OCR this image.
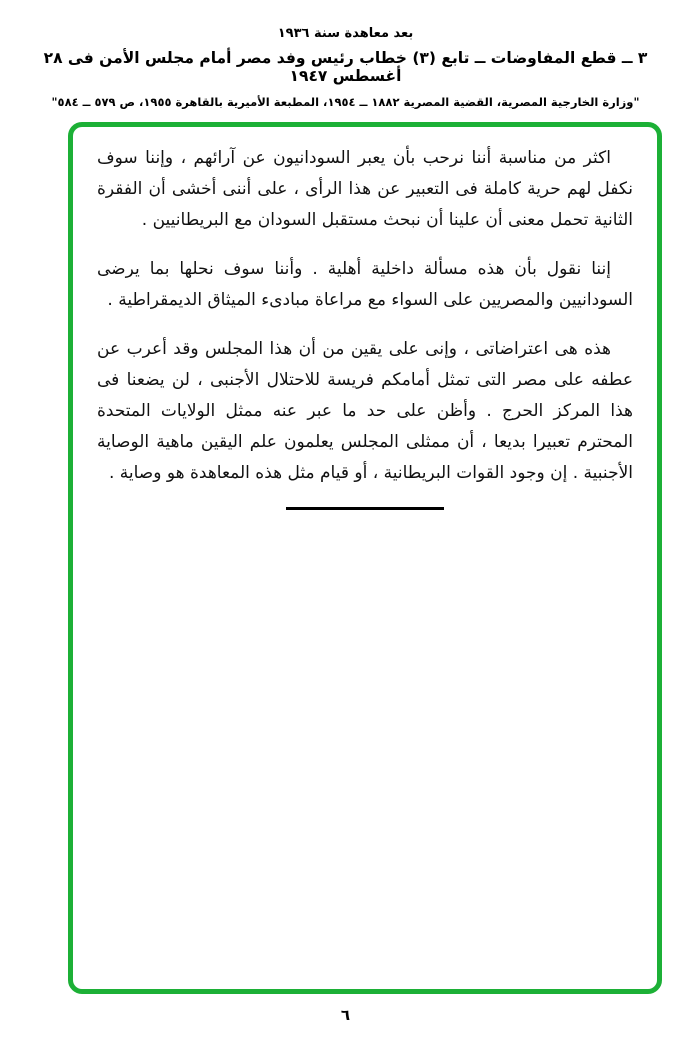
بعد معاهدة سنة ١٩٣٦
٣ ــ قطع المفاوضات ــ تابع (٣) خطاب رئيس وفد مصر أمام مجلس الأمن فى ٢٨ أغسطس ١٩٤٧
"وزارة الخارجية المصرية، القضية المصرية ١٨٨٢ ــ ١٩٥٤، المطبعة الأميرية بالقاهرة ١٩٥٥، ص ٥٧٩ ــ ٥٨٤"

اكثر من مناسبة أننا نرحب بأن يعبر السودانيون عن آرائهم ، وإننا سوف نكفل لهم حرية كاملة فى التعبير عن هذا الرأى ، على أننى أخشى أن الفقرة الثانية تحمل معنى أن علينا أن نبحث مستقبل السودان مع البريطانيين .

إننا نقول بأن هذه مسألة داخلية أهلية . وأننا سوف نحلها بما يرضى السودانيين والمصريين على السواء مع مراعاة مبادىء الميثاق الديمقراطية .

هذه هى اعتراضاتى ، وإنى على يقين من أن هذا المجلس وقد أعرب عن عطفه على مصر التى تمثل أمامكم فريسة للاحتلال الأجنبى ، لن يضعنا فى هذا المركز الحرج . وأظن على حد ما عبر عنه ممثل الولايات المتحدة المحترم تعبيرا بديعا ، أن ممثلى المجلس يعلمون علم اليقين ماهية الوصاية الأجنبية . إن وجود القوات البريطانية ، أو قيام مثل هذه المعاهدة هو وصاية .

٦
